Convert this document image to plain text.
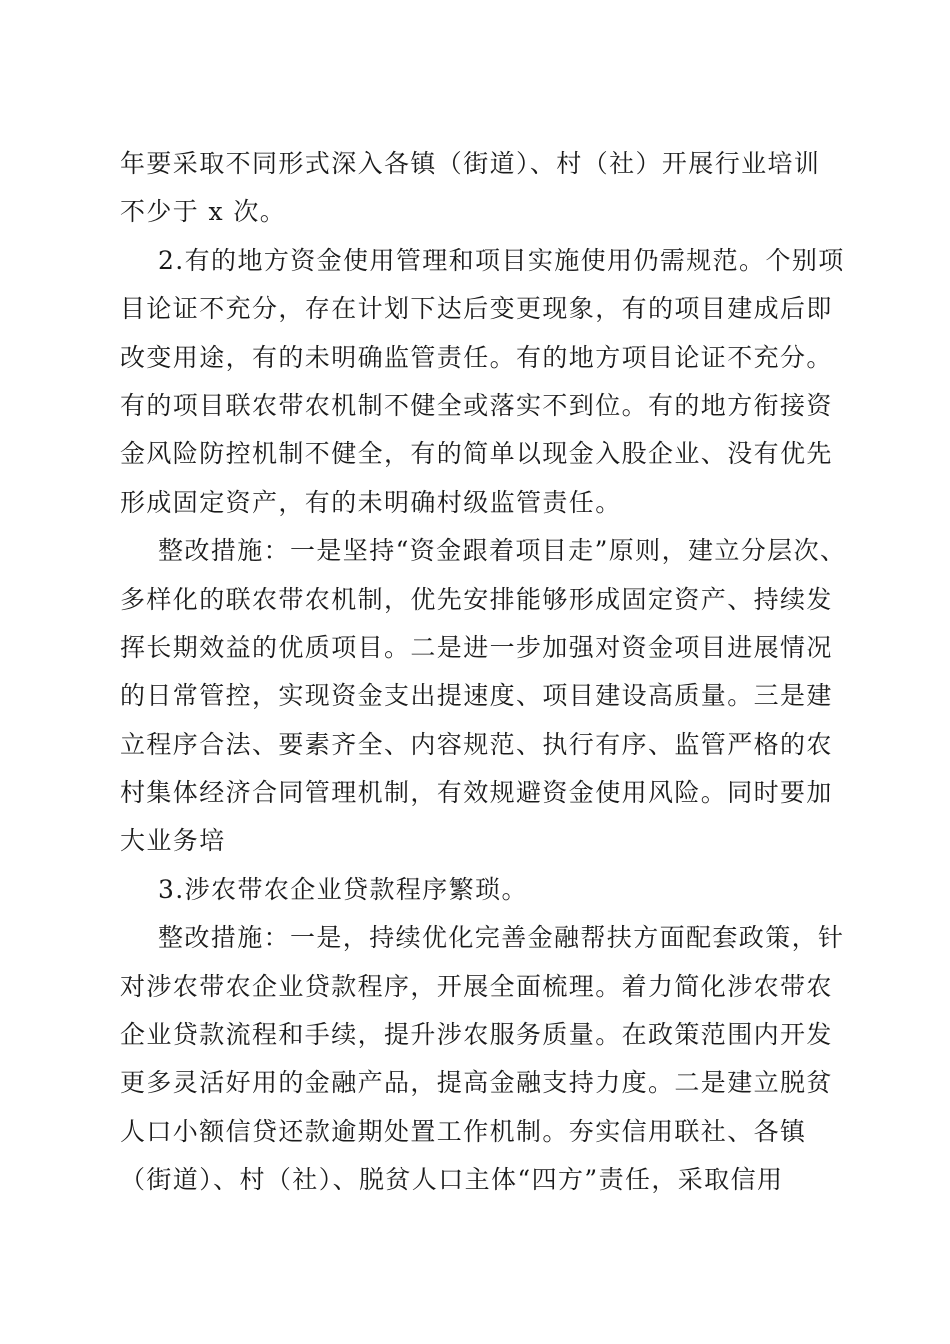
年要采取不同形式深入各镇（街道）、村（社）开展行业培训
不少于 x 次。
2.有的地方资金使用管理和项目实施使用仍需规范。个别项
目论证不充分，存在计划下达后变更现象，有的项目建成后即
改变用途，有的未明确监管责任。有的地方项目论证不充分。
有的项目联农带农机制不健全或落实不到位。有的地方衔接资
金风险防控机制不健全，有的简单以现金入股企业、没有优先
形成固定资产，有的未明确村级监管责任。
整改措施：一是坚持“资金跟着项目走”原则，建立分层次、
多样化的联农带农机制，优先安排能够形成固定资产、持续发
挥长期效益的优质项目。二是进一步加强对资金项目进展情况
的日常管控，实现资金支出提速度、项目建设高质量。三是建
立程序合法、要素齐全、内容规范、执行有序、监管严格的农
村集体经济合同管理机制，有效规避资金使用风险。同时要加
大业务培
3.涉农带农企业贷款程序繁琐。
整改措施：一是，持续优化完善金融帮扶方面配套政策，针
对涉农带农企业贷款程序，开展全面梳理。着力简化涉农带农
企业贷款流程和手续，提升涉农服务质量。在政策范围内开发
更多灵活好用的金融产品，提高金融支持力度。二是建立脱贫
人口小额信贷还款逾期处置工作机制。夯实信用联社、各镇
（街道）、村（社）、脱贫人口主体“四方”责任，采取信用
